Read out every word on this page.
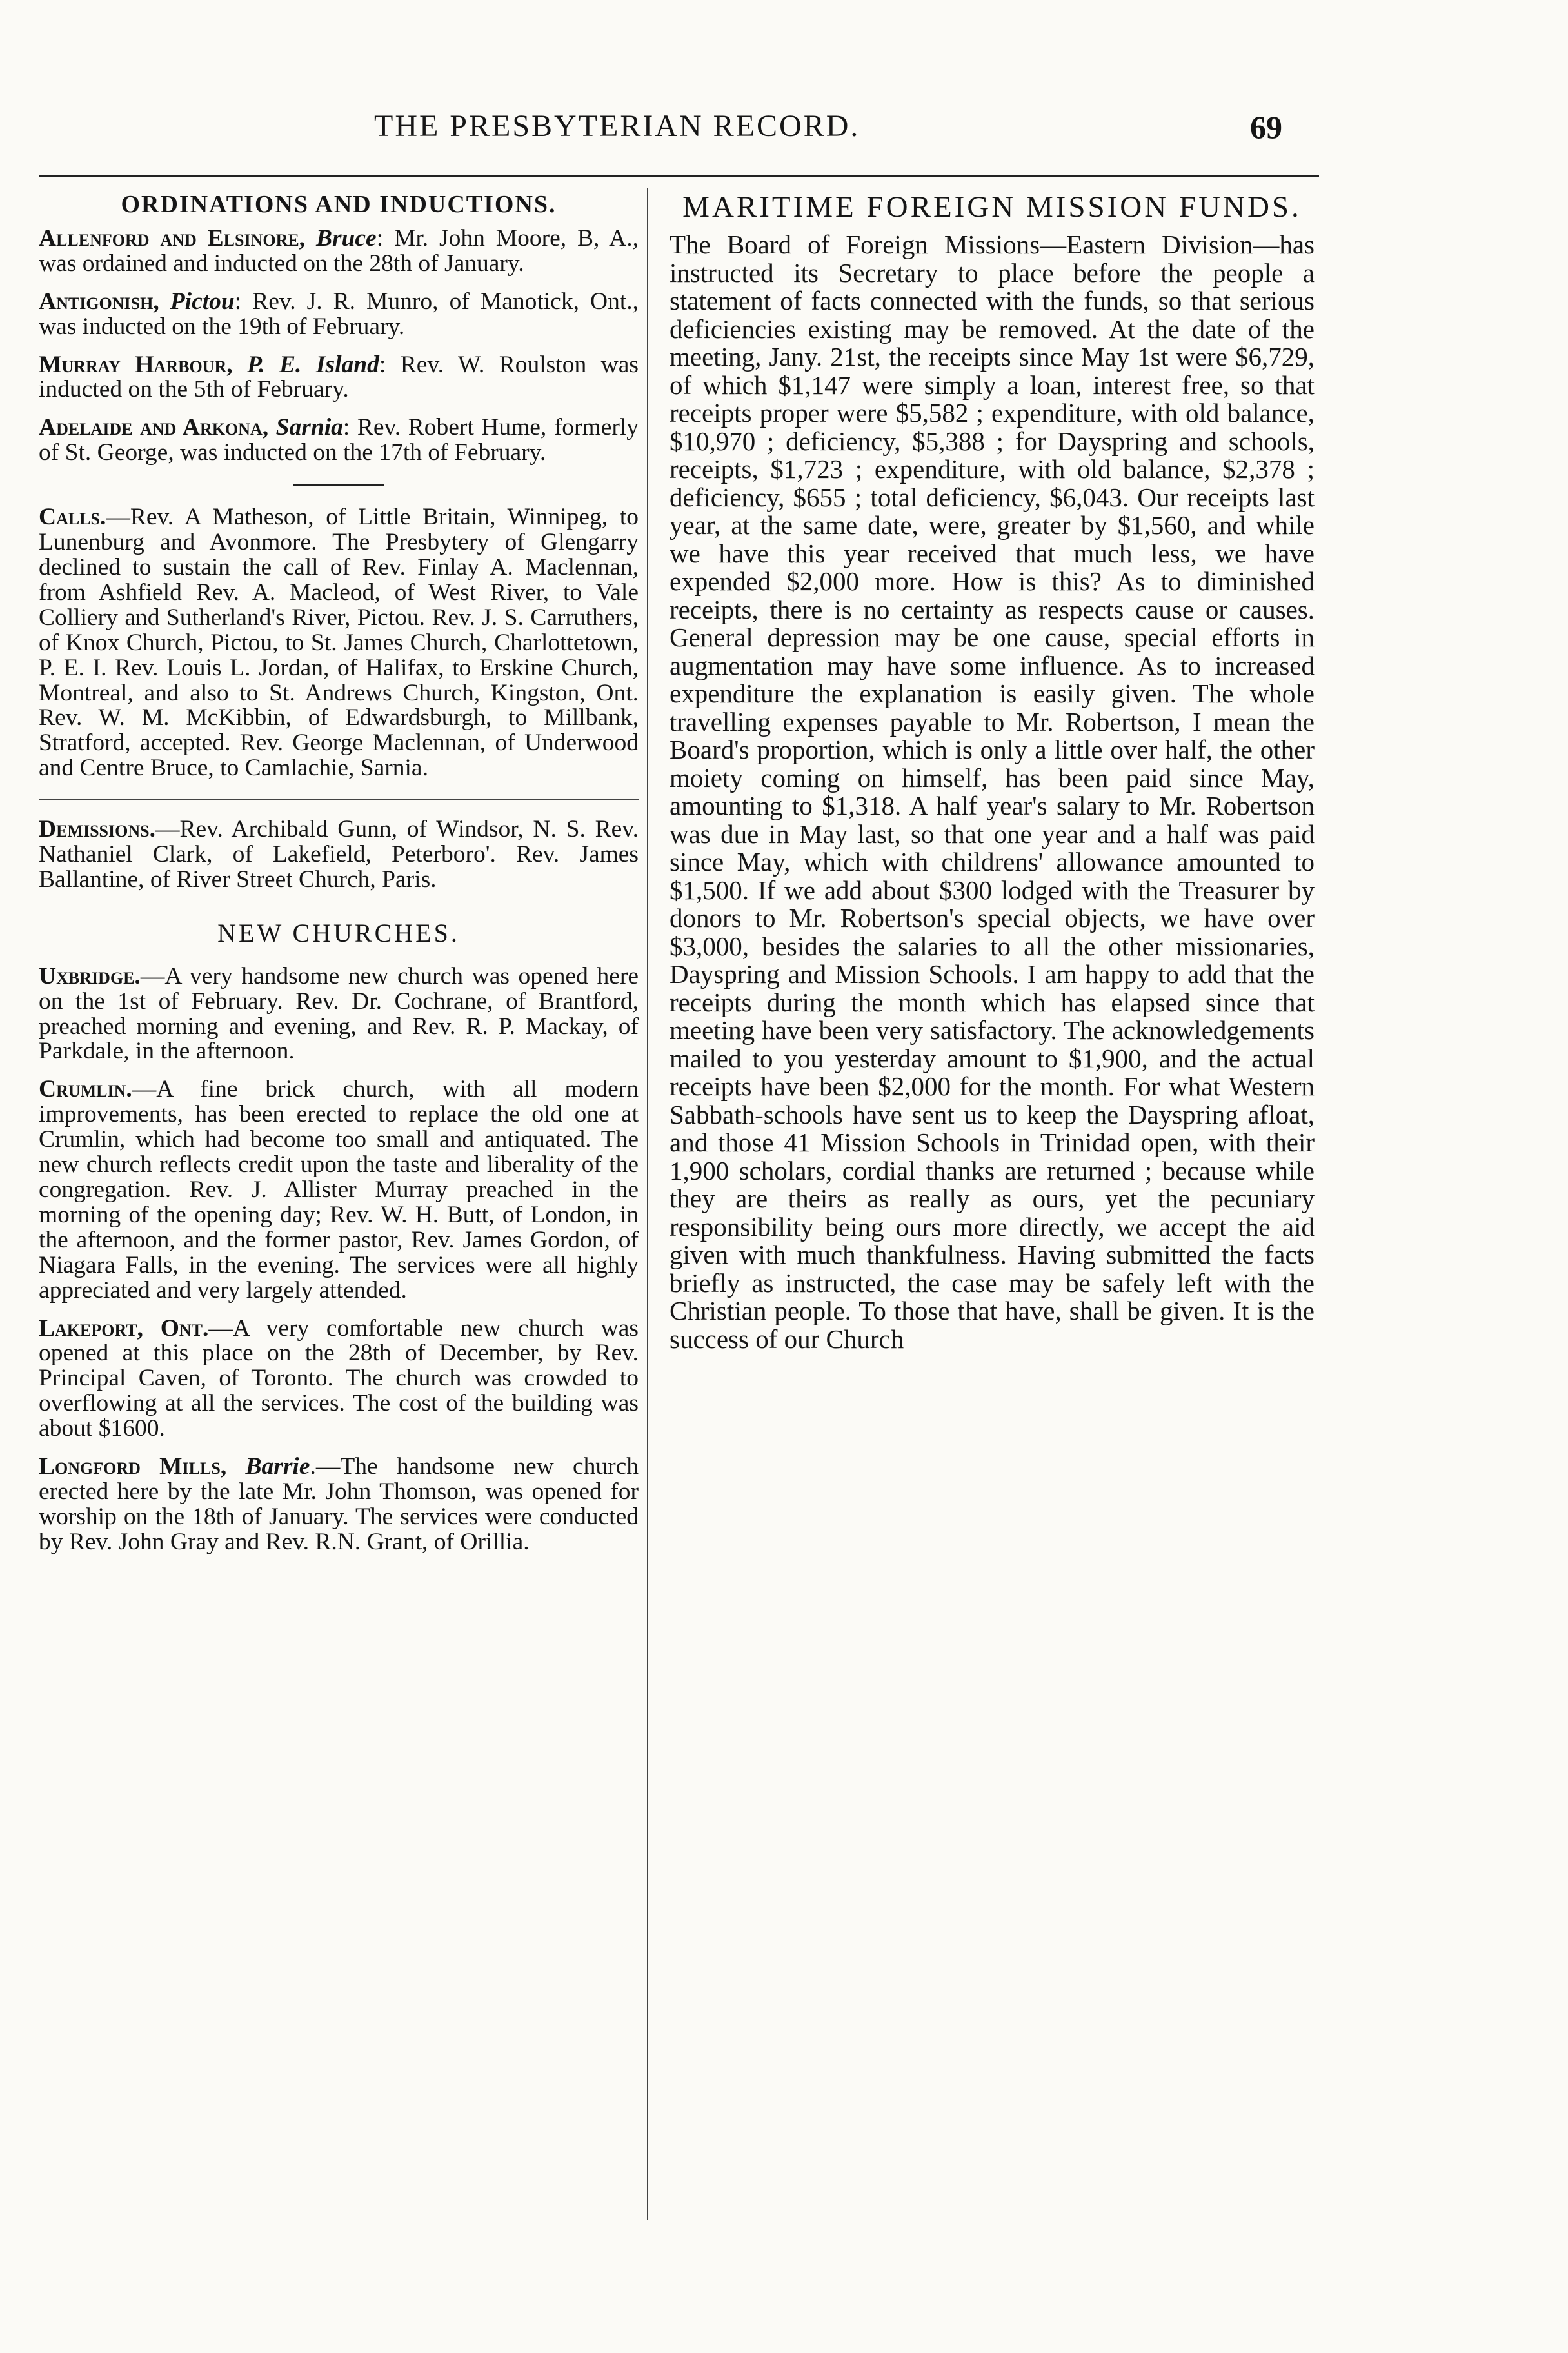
THE PRESBYTERIAN RECORD.	69
ORDINATIONS AND INDUCTIONS.

Allenford and Elsinore, Bruce: Mr. John Moore, B, A., was ordained and inducted on the 28th of January.

Antigonish, Pictou: Rev. J. R. Munro, of Manotick, Ont., was inducted on the 19th of February.

Murray Harbour, P. E. Island: Rev. W. Roulston was inducted on the 5th of February.

Adelaide and Arkona, Sarnia: Rev. Robert Hume, formerly of St. George, was inducted on the 17th of February.

Calls.—Rev. A Matheson, of Little Britain, Winnipeg, to Lunenburg and Avonmore. The Presbytery of Glengarry declined to sustain the call of Rev. Finlay A. Maclennan, from Ashfield Rev. A. Macleod, of West River, to Vale Colliery and Sutherland's River, Pictou. Rev. J. S. Carruthers, of Knox Church, Pictou, to St. James Church, Charlottetown, P. E. I. Rev. Louis L. Jordan, of Halifax, to Erskine Church, Montreal, and also to St. Andrews Church, Kingston, Ont. Rev. W. M. McKibbin, of Edwardsburgh, to Millbank, Stratford, accepted. Rev. George Maclennan, of Underwood and Centre Bruce, to Camlachie, Sarnia.

Demissions.—Rev. Archibald Gunn, of Windsor, N. S. Rev. Nathaniel Clark, of Lakefield, Peterboro'. Rev. James Ballantine, of River Street Church, Paris.

NEW CHURCHES.

Uxbridge.—A very handsome new church was opened here on the 1st of February. Rev. Dr. Cochrane, of Brantford, preached morning and evening, and Rev. R. P. Mackay, of Parkdale, in the afternoon.

Crumlin.—A fine brick church, with all modern improvements, has been erected to replace the old one at Crumlin, which had become too small and antiquated. The new church reflects credit upon the taste and liberality of the congregation. Rev. J. Allister Murray preached in the morning of the opening day; Rev. W. H. Butt, of London, in the afternoon, and the former pastor, Rev. James Gordon, of Niagara Falls, in the evening. The services were all highly appreciated and very largely attended.

Lakeport, Ont.—A very comfortable new church was opened at this place on the 28th of December, by Rev. Principal Caven, of Toronto. The church was crowded to overflowing at all the services. The cost of the building was about $1600.

Longford Mills, Barrie.—The handsome new church erected here by the late Mr. John Thomson, was opened for worship on the 18th of January. The services were conducted by Rev. John Gray and Rev. R.N. Grant, of Orillia.

MARITIME FOREIGN MISSION FUNDS.

The Board of Foreign Missions—Eastern Division—has instructed its Secretary to place before the people a statement of facts connected with the funds, so that serious deficiencies existing may be removed. At the date of the meeting, Jany. 21st, the receipts since May 1st were $6,729, of which $1,147 were simply a loan, interest free, so that receipts proper were $5,582 ; expenditure, with old balance, $10,970 ; deficiency, $5,388 ; for Dayspring and schools, receipts, $1,723 ; expenditure, with old balance, $2,378 ; deficiency, $655 ; total deficiency, $6,043. Our receipts last year, at the same date, were, greater by $1,560, and while we have this year received that much less, we have expended $2,000 more. How is this? As to diminished receipts, there is no certainty as respects cause or causes. General depression may be one cause, special efforts in augmentation may have some influence. As to increased expenditure the explanation is easily given. The whole travelling expenses payable to Mr. Robertson, I mean the Board's proportion, which is only a little over half, the other moiety coming on himself, has been paid since May, amounting to $1,318. A half year's salary to Mr. Robertson was due in May last, so that one year and a half was paid since May, which with childrens' allowance amounted to $1,500. If we add about $300 lodged with the Treasurer by donors to Mr. Robertson's special objects, we have over $3,000, besides the salaries to all the other missionaries, Dayspring and Mission Schools. I am happy to add that the receipts during the month which has elapsed since that meeting have been very satisfactory. The acknowledgements mailed to you yesterday amount to $1,900, and the actual receipts have been $2,000 for the month. For what Western Sabbath-schools have sent us to keep the Dayspring afloat, and those 41 Mission Schools in Trinidad open, with their 1,900 scholars, cordial thanks are returned ; because while they are theirs as really as ours, yet the pecuniary responsibility being ours more directly, we accept the aid given with much thankfulness. Having submitted the facts briefly as instructed, the case may be safely left with the Christian people. To those that have, shall be given. It is the success of our Church
